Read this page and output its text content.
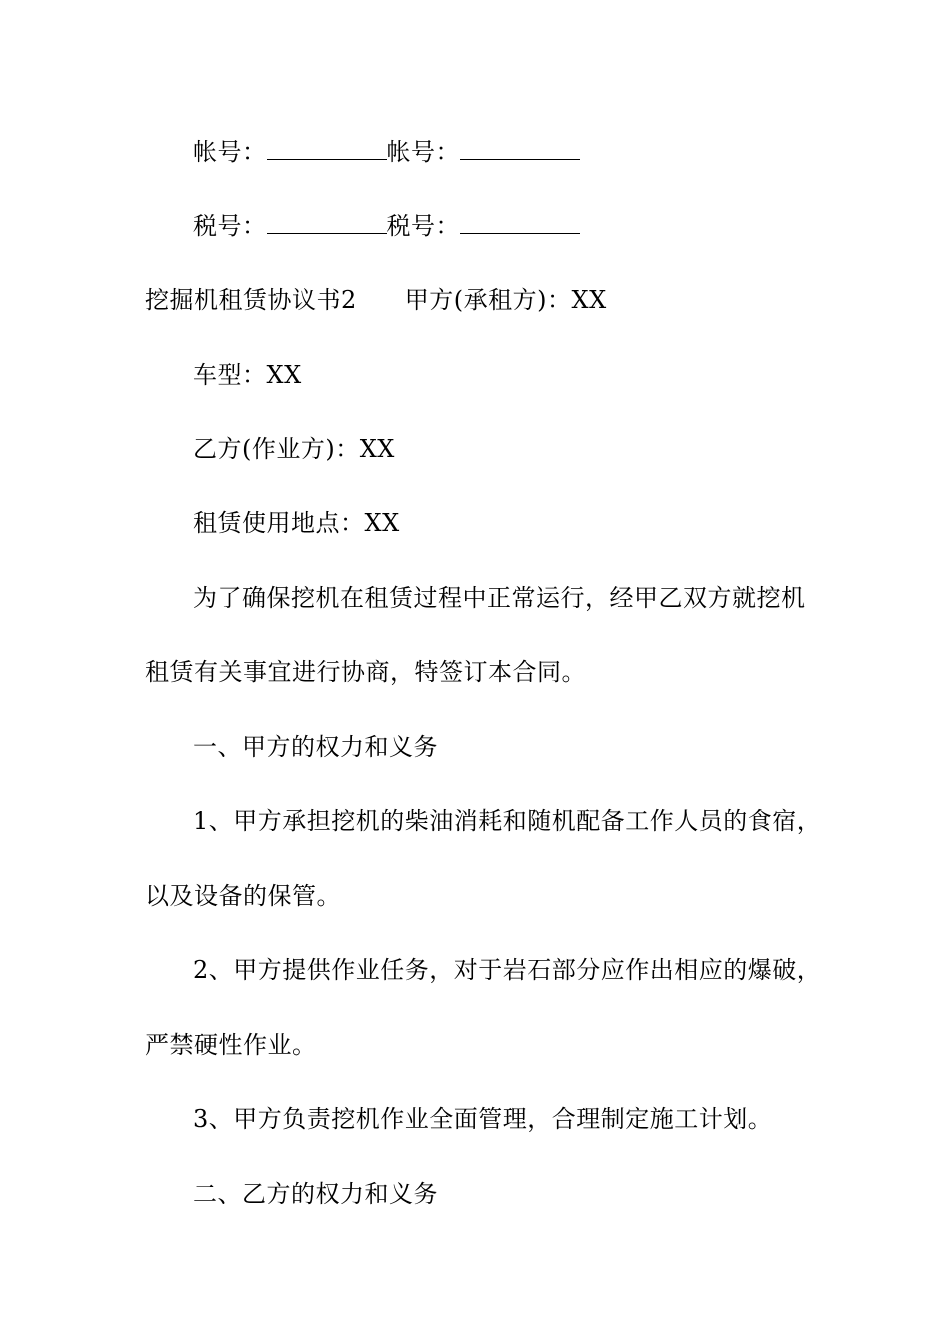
帐号：	帐号：
税号：	税号：
挖掘机租赁协议书2 甲方(承租方)：XX
车型：XX
乙方(作业方)：XX
租赁使用地点：XX
为了确保挖机在租赁过程中正常运行，经甲乙双方就挖机
租赁有关事宜进行协商，特签订本合同。
一、甲方的权力和义务
1、甲方承担挖机的柴油消耗和随机配备工作人员的食宿，
以及设备的保管。
2、甲方提供作业任务，对于岩石部分应作出相应的爆破，
严禁硬性作业。
3、甲方负责挖机作业全面管理，合理制定施工计划。
二、乙方的权力和义务
